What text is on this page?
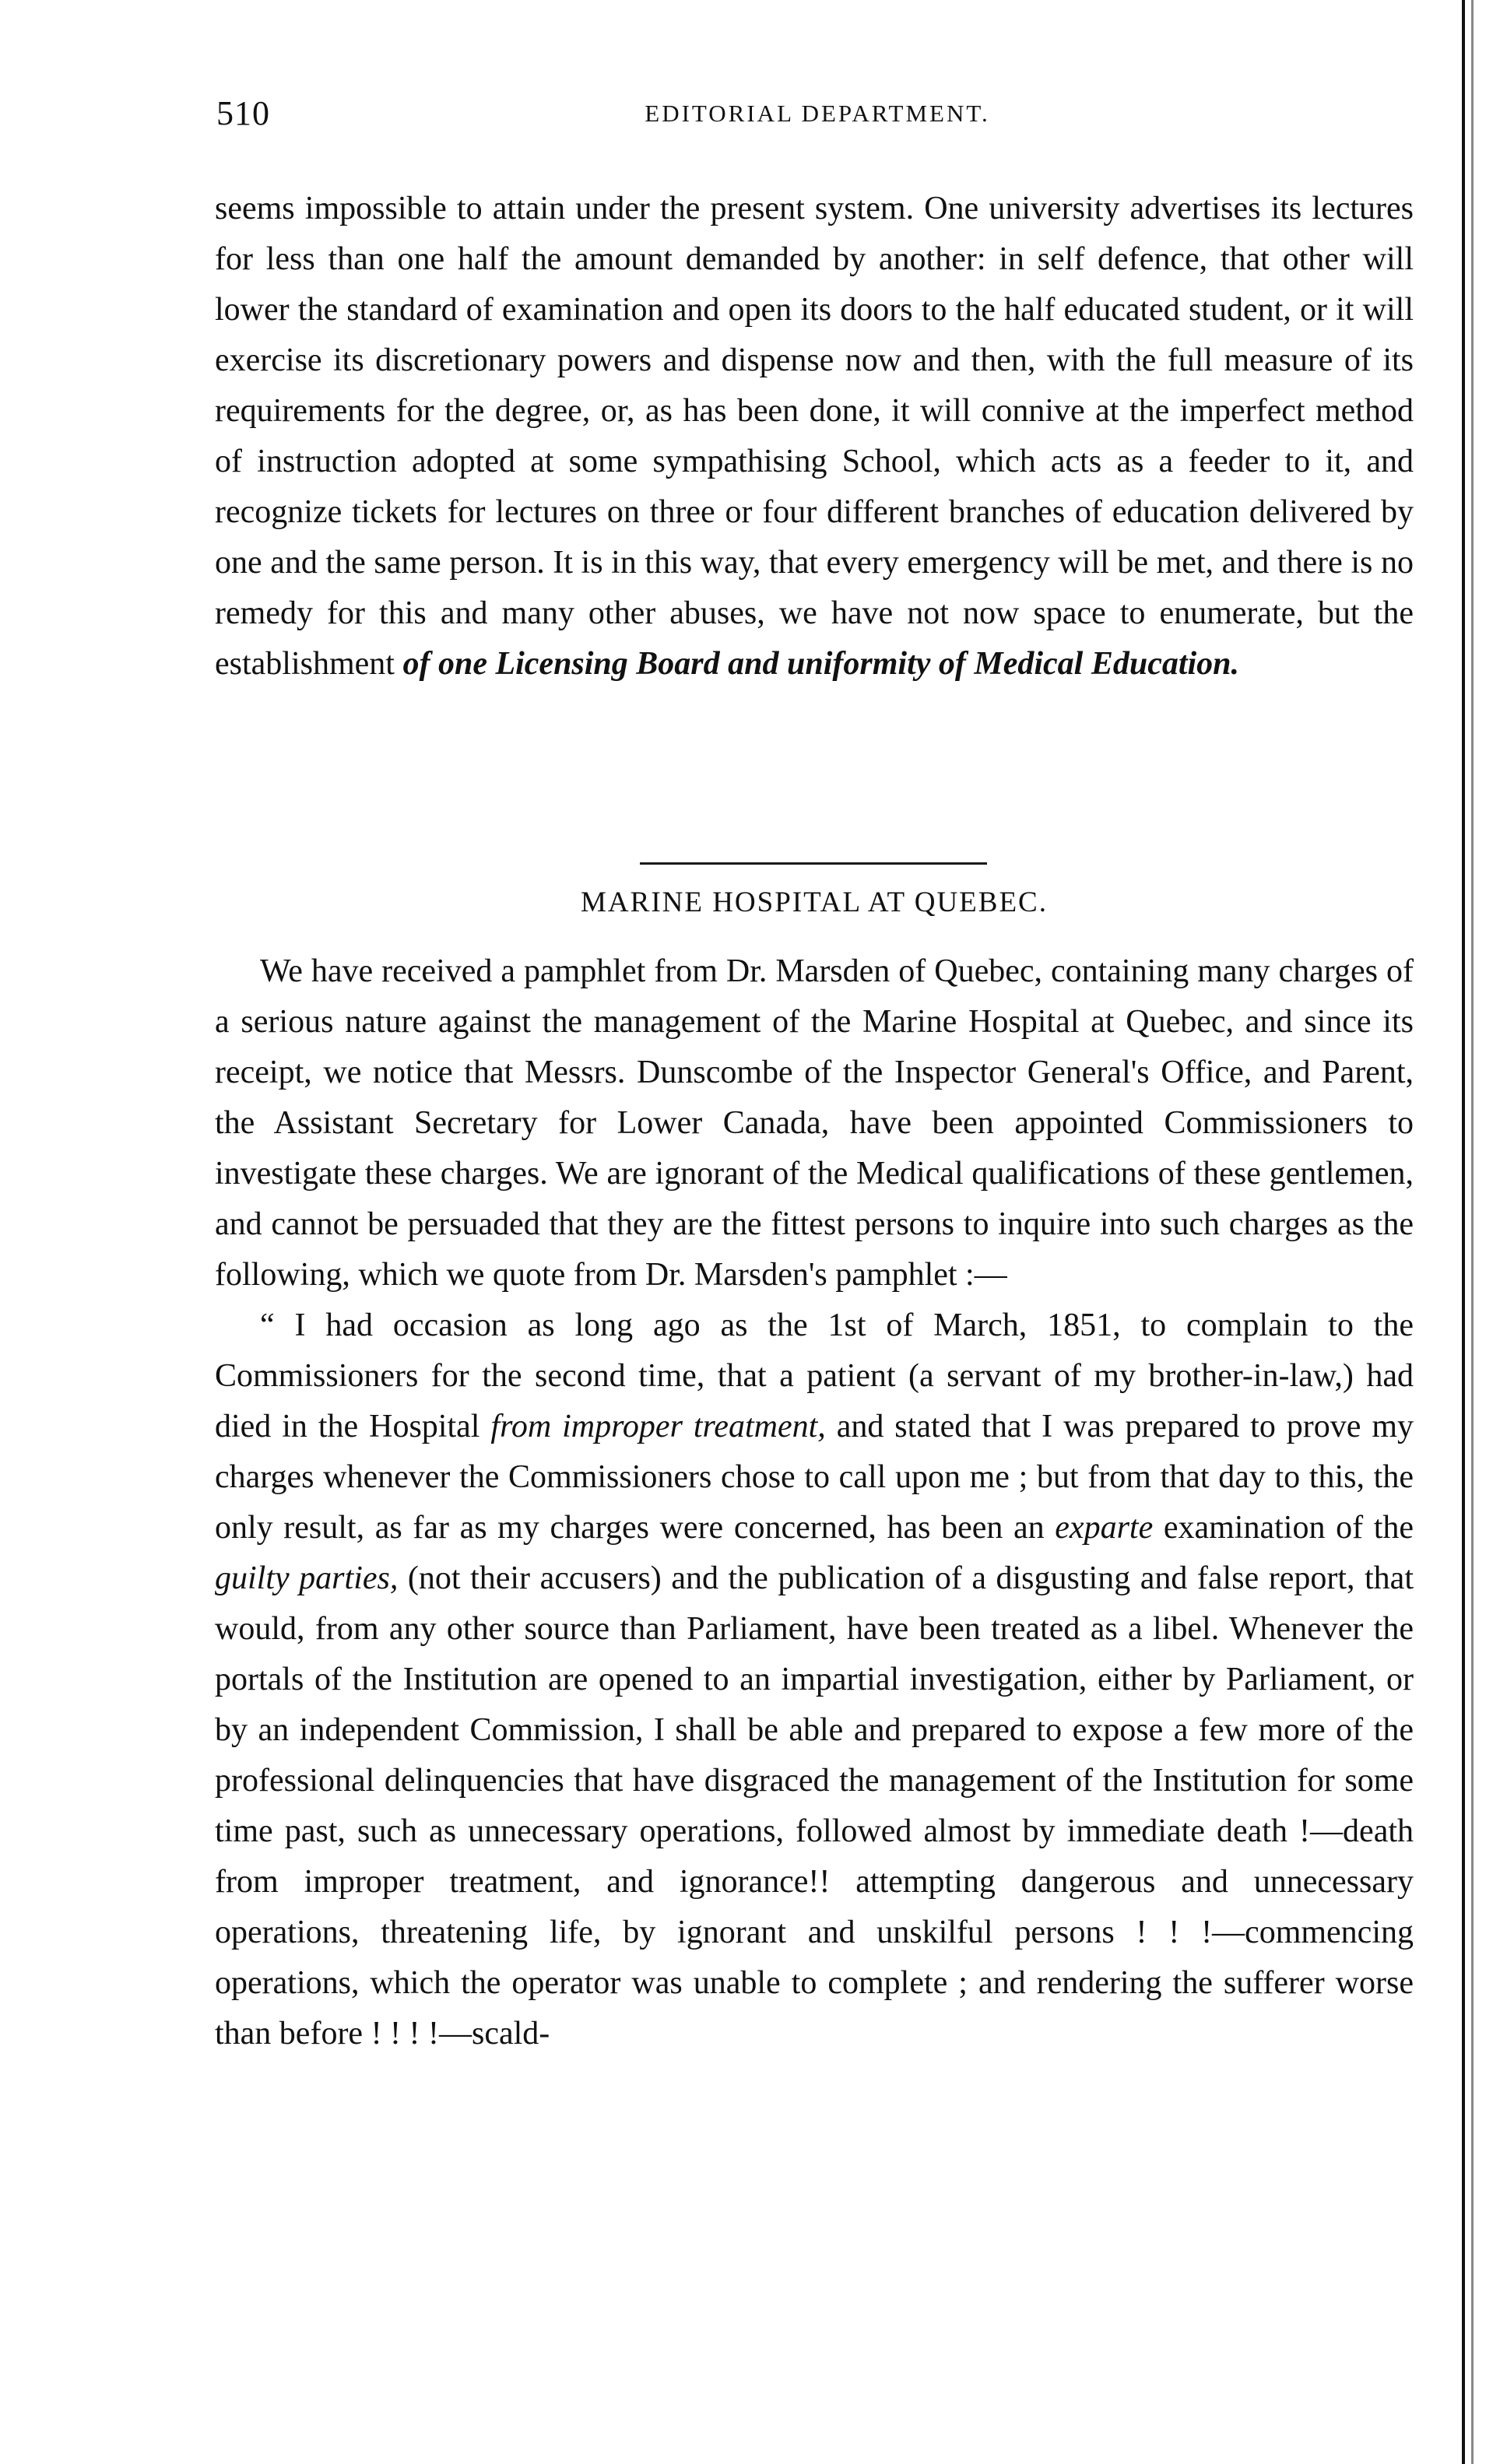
510	EDITORIAL DEPARTMENT.

seems impossible to attain under the present system. One university advertises its lectures for less than one half the amount demanded by another: in self defence, that other will lower the standard of examination and open its doors to the half educated student, or it will exercise its discretionary powers and dispense now and then, with the full measure of its requirements for the degree, or, as has been done, it will connive at the imperfect method of instruction adopted at some sympathising School, which acts as a feeder to it, and recognize tickets for lectures on three or four different branches of education delivered by one and the same person. It is in this way, that every emergency will be met, and there is no remedy for this and many other abuses, we have not now space to enumerate, but the establishment of one Licensing Board and uniformity of Medical Education.

MARINE HOSPITAL AT QUEBEC.

We have received a pamphlet from Dr. Marsden of Quebec, containing many charges of a serious nature against the management of the Marine Hospital at Quebec, and since its receipt, we notice that Messrs. Dunscombe of the Inspector General's Office, and Parent, the Assistant Secretary for Lower Canada, have been appointed Commissioners to investigate these charges. We are ignorant of the Medical qualifications of these gentlemen, and cannot be persuaded that they are the fittest persons to inquire into such charges as the following, which we quote from Dr. Marsden's pamphlet :—

“ I had occasion as long ago as the 1st of March, 1851, to complain to the Commissioners for the second time, that a patient (a servant of my brother-in-law,) had died in the Hospital from improper treatment, and stated that I was prepared to prove my charges whenever the Commissioners chose to call upon me ; but from that day to this, the only result, as far as my charges were concerned, has been an exparte examination of the guilty parties, (not their accusers) and the publication of a disgusting and false report, that would, from any other source than Parliament, have been treated as a libel. Whenever the portals of the Institution are opened to an impartial investigation, either by Parliament, or by an independent Commission, I shall be able and prepared to expose a few more of the professional delinquencies that have disgraced the management of the Institution for some time past, such as unnecessary operations, followed almost by immediate death !—death from improper treatment, and ignorance!! attempting dangerous and unnecessary operations, threatening life, by ignorant and unskilful persons ! ! !—commencing operations, which the operator was unable to complete ; and rendering the sufferer worse than before ! ! ! !—scald-
